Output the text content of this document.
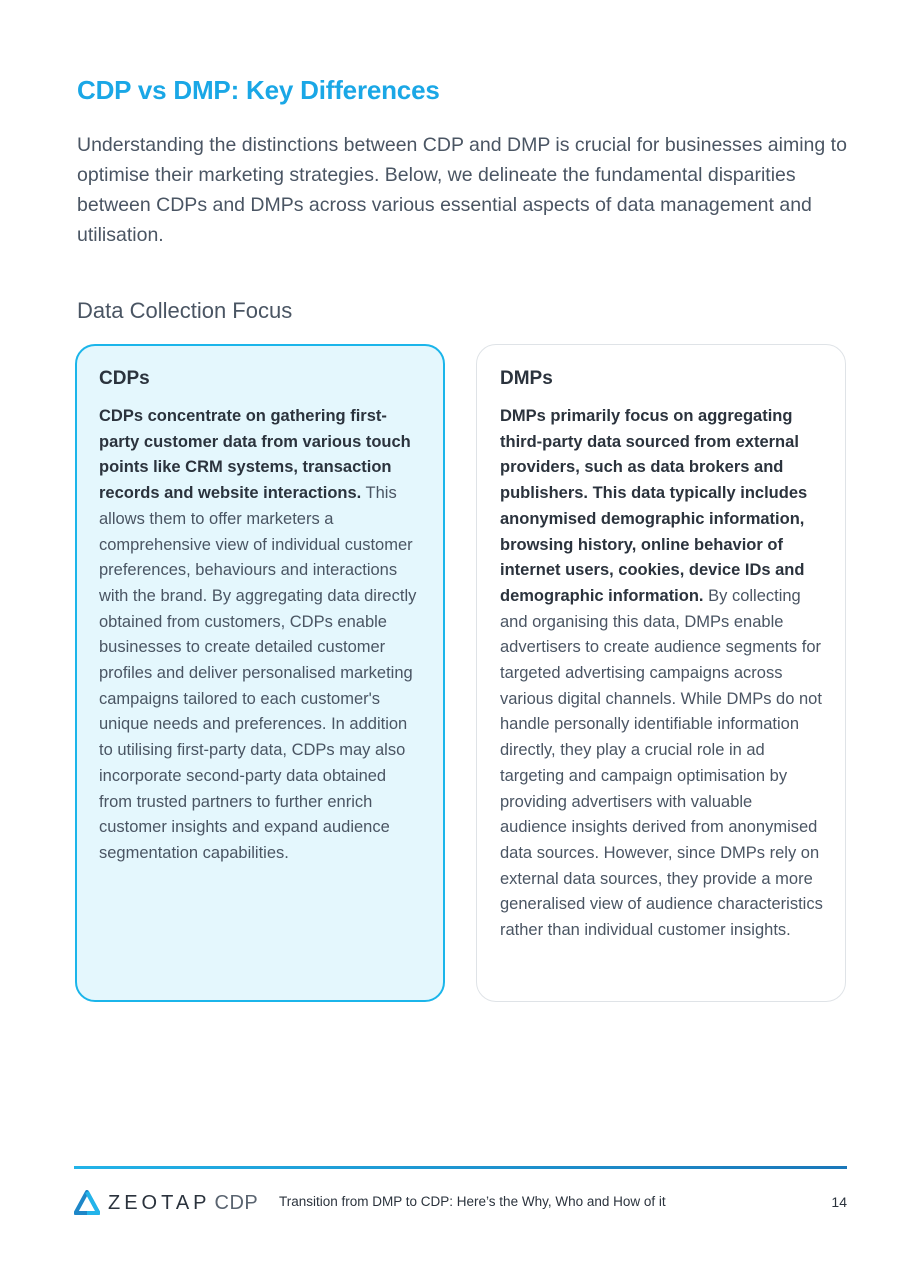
CDP vs DMP: Key Differences

Understanding the distinctions between CDP and DMP is crucial for businesses aiming to optimise their marketing strategies. Below, we delineate the fundamental disparities between CDPs and DMPs across various essential aspects of data management and utilisation.

Data Collection Focus
CDPs

CDPs concentrate on gathering first-party customer data from various touch points like CRM systems, transaction records and website interactions. This allows them to offer marketers a comprehensive view of individual customer preferences, behaviours and interactions with the brand. By aggregating data directly obtained from customers, CDPs enable businesses to create detailed customer profiles and deliver personalised marketing campaigns tailored to each customer's unique needs and preferences. In addition to utilising first-party data, CDPs may also incorporate second-party data obtained from trusted partners to further enrich customer insights and expand audience segmentation capabilities.

DMPs

DMPs primarily focus on aggregating third-party data sourced from external providers, such as data brokers and publishers. This data typically includes anonymised demographic information, browsing history, online behavior of internet users, cookies, device IDs and demographic information. By collecting and organising this data, DMPs enable advertisers to create audience segments for targeted advertising campaigns across various digital channels. While DMPs do not handle personally identifiable information directly, they play a crucial role in ad targeting and campaign optimisation by providing advertisers with valuable audience insights derived from anonymised data sources. However, since DMPs rely on external data sources, they provide a more generalised view of audience characteristics rather than individual customer insights.

ZEOTAP CDP Transition from DMP to CDP: Here’s the Why, Who and How of it	14
